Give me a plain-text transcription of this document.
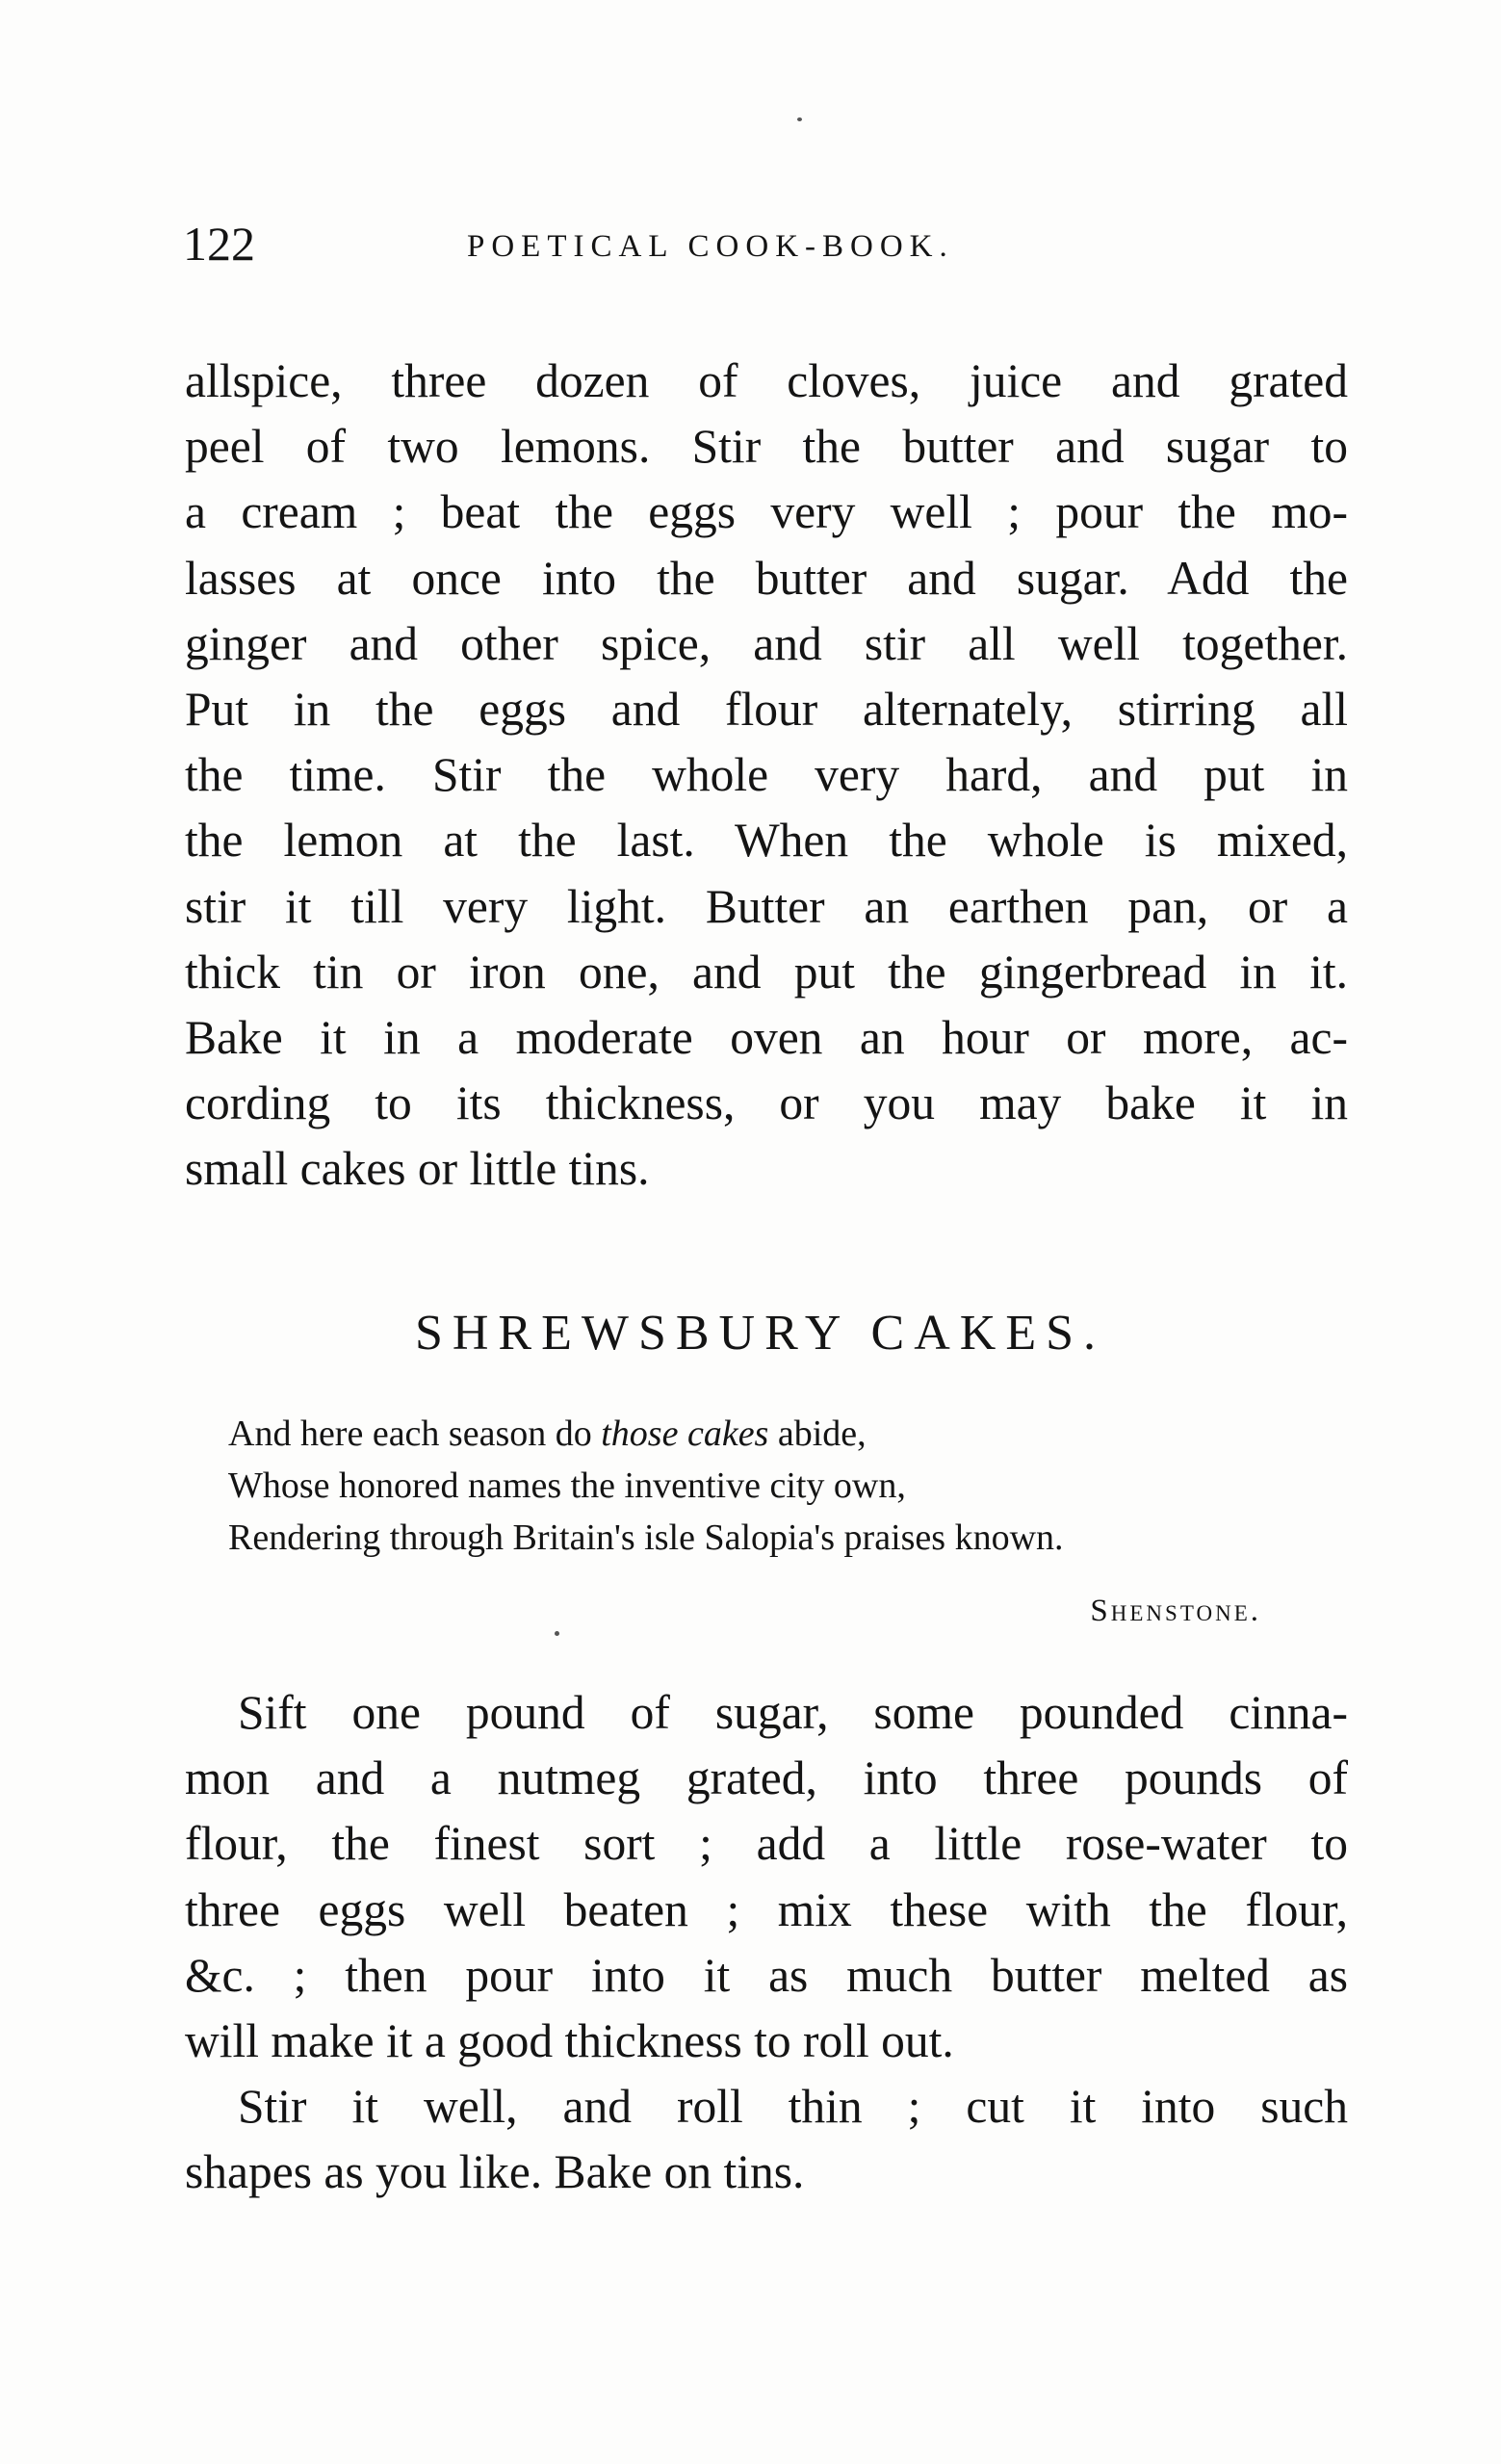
122	POETICAL COOK-BOOK.
allspice, three dozen of cloves, juice and grated
peel of two lemons. Stir the butter and sugar to
a cream ; beat the eggs very well ; pour the mo-
lasses at once into the butter and sugar. Add the
ginger and other spice, and stir all well together.
Put in the eggs and flour alternately, stirring all
the time. Stir the whole very hard, and put in
the lemon at the last. When the whole is mixed,
stir it till very light. Butter an earthen pan, or a
thick tin or iron one, and put the gingerbread in it.
Bake it in a moderate oven an hour or more, ac-
cording to its thickness, or you may bake it in
small cakes or little tins.
SHREWSBURY CAKES.
And here each season do those cakes abide,
Whose honored names the inventive city own,
Rendering through Britain's isle Salopia's praises known.
Shenstone.
Sift one pound of sugar, some pounded cinna-
mon and a nutmeg grated, into three pounds of
flour, the finest sort ; add a little rose-water to
three eggs well beaten ; mix these with the flour,
&c. ; then pour into it as much butter melted as
will make it a good thickness to roll out.
Stir it well, and roll thin ; cut it into such
shapes as you like. Bake on tins.
